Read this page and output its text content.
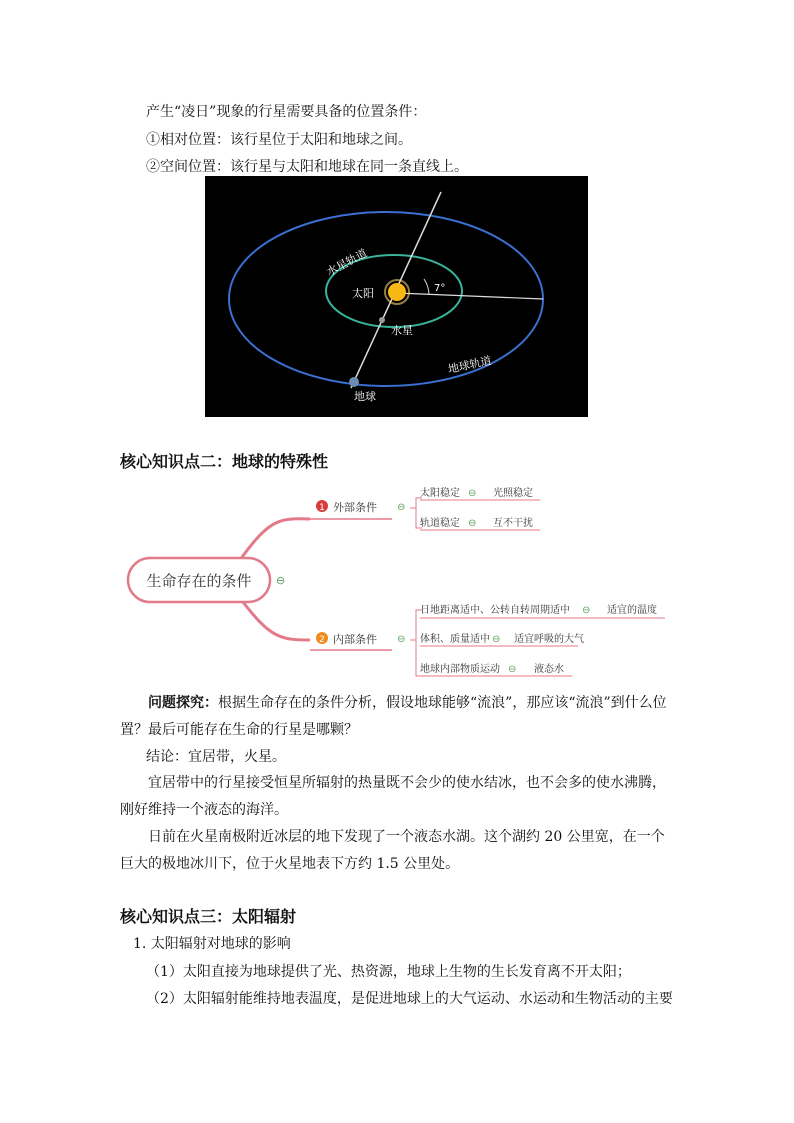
产生“凌日”现象的行星需要具备的位置条件：
①相对位置：该行星位于太阳和地球之间。
②空间位置：该行星与太阳和地球在同一条直线上。
水星轨道
太阳	7°
水星
地球轨道
地球
核心知识点二：地球的特殊性
生命存在的条件 ⊖
1 外部条件 ⊖
太阳稳定 ⊖ 光照稳定
轨道稳定 ⊖ 互不干扰
2 内部条件 ⊖
日地距离适中、公转自转周期适中 ⊖ 适宜的温度
体积、质量适中 ⊖ 适宜呼吸的大气
地球内部物质运动 ⊖ 液态水
问题探究：根据生命存在的条件分析，假设地球能够“流浪”，那应该“流浪”到什么位置？最后可能存在生命的行星是哪颗？
结论：宜居带，火星。
宜居带中的行星接受恒星所辐射的热量既不会少的使水结冰，也不会多的使水沸腾，刚好维持一个液态的海洋。
日前在火星南极附近冰层的地下发现了一个液态水湖。这个湖约 20 公里宽，在一个巨大的极地冰川下，位于火星地表下方约 1.5 公里处。
核心知识点三：太阳辐射
1. 太阳辐射对地球的影响
（1）太阳直接为地球提供了光、热资源，地球上生物的生长发育离不开太阳；
（2）太阳辐射能维持地表温度，是促进地球上的大气运动、水运动和生物活动的主要
